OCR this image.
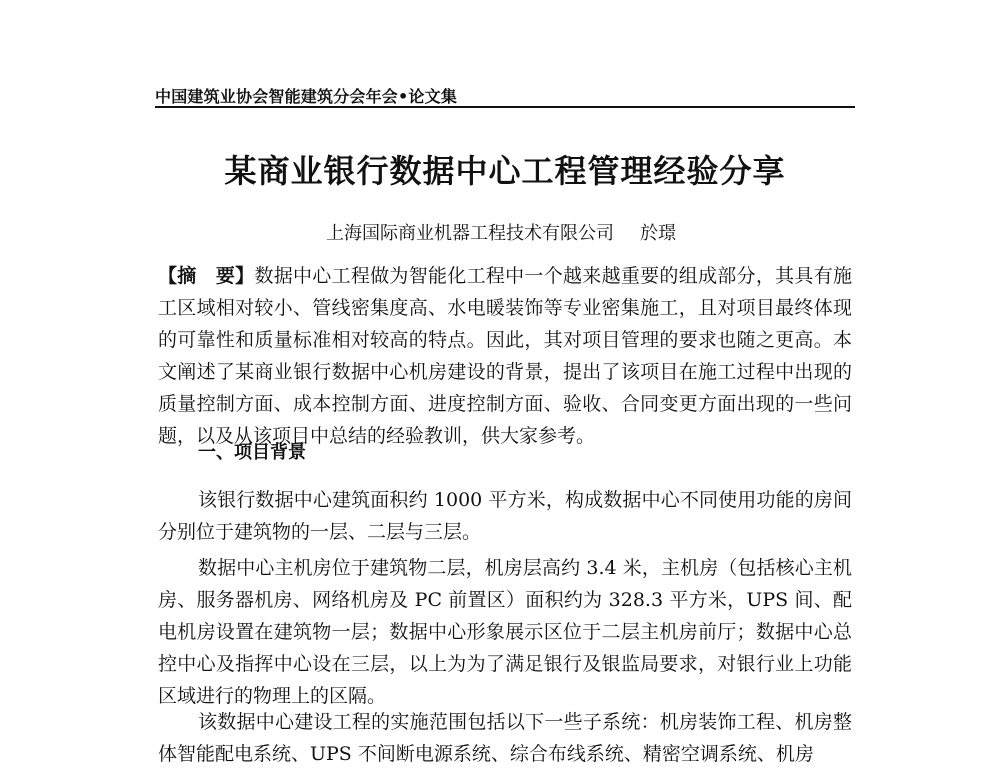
中国建筑业协会智能建筑分会年会•论文集
某商业银行数据中心工程管理经验分享
上海国际商业机器工程技术有限公司 於璟
【摘　要】数据中心工程做为智能化工程中一个越来越重要的组成部分，其具有施工区域相对较小、管线密集度高、水电暖装饰等专业密集施工，且对项目最终体现的可靠性和质量标准相对较高的特点。因此，其对项目管理的要求也随之更高。本文阐述了某商业银行数据中心机房建设的背景，提出了该项目在施工过程中出现的质量控制方面、成本控制方面、进度控制方面、验收、合同变更方面出现的一些问题，以及从该项目中总结的经验教训，供大家参考。
一、项目背景
该银行数据中心建筑面积约 1000 平方米，构成数据中心不同使用功能的房间分别位于建筑物的一层、二层与三层。
数据中心主机房位于建筑物二层，机房层高约 3.4 米，主机房（包括核心主机房、服务器机房、网络机房及 PC 前置区）面积约为 328.3 平方米，UPS 间、配电机房设置在建筑物一层；数据中心形象展示区位于二层主机房前厅；数据中心总控中心及指挥中心设在三层，以上为为了满足银行及银监局要求，对银行业上功能区域进行的物理上的区隔。
该数据中心建设工程的实施范围包括以下一些子系统：机房装饰工程、机房整体智能配电系统、UPS 不间断电源系统、综合布线系统、精密空调系统、机房
